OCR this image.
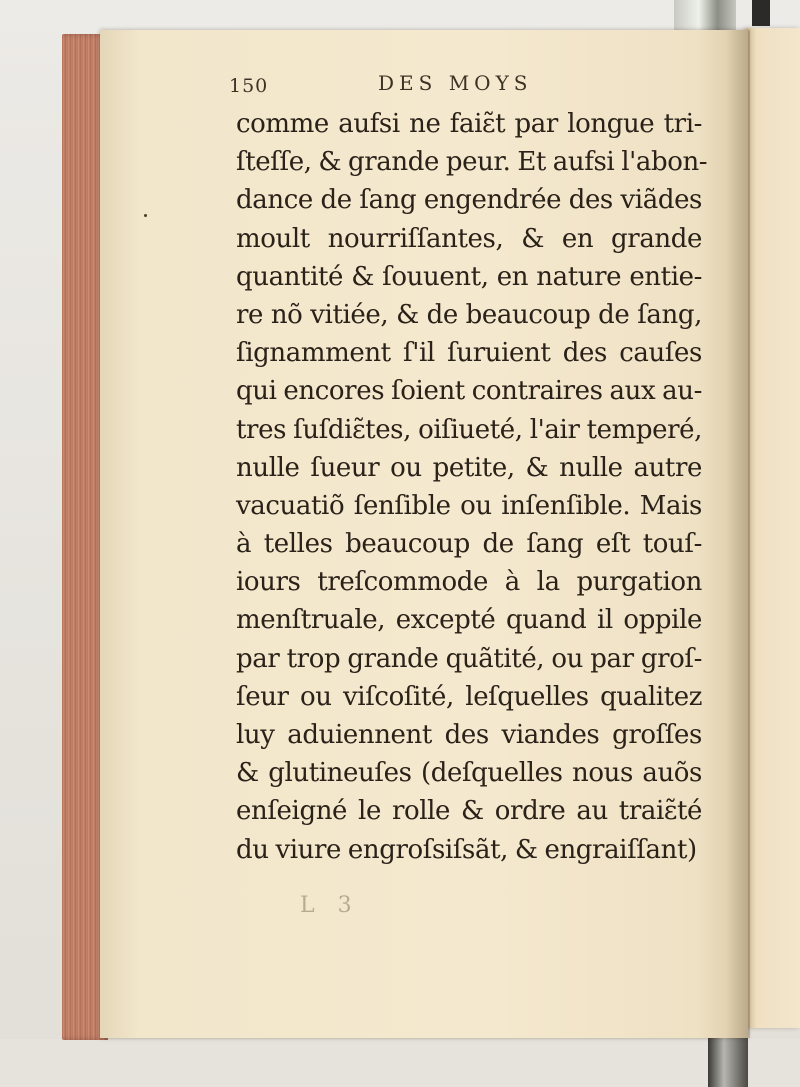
150	DES MOYS
comme aufsi ne faiɛ̃t par longue tri-
ſteſſe, & grande peur. Et aufsi l'abon-
dance de ſang engendrée des viãdes
moult nourriſſantes, & en grande
quantité & ſouuent, en nature entie-
re nõ vitiée, & de beaucoup de ſang,
ſignamment ſ'il ſuruient des cauſes
qui encores ſoient contraires aux au-
tres ſuſdiɛ̃tes, oiſiueté, l'air temperé,
nulle ſueur ou petite, & nulle autre
vacuatiõ ſenſible ou inſenſible. Mais
à telles beaucoup de ſang eſt touſ-
iours treſcommode à la purgation
menſtruale, excepté quand il oppile
par trop grande quãtité, ou par groſ-
ſeur ou viſcoſité, leſquelles qualitez
luy aduiennent des viandes groſſes
& glutineuſes (deſquelles nous auõs
enſeigné le rolle & ordre au traiɛ̃té
du viure engroſsiſsãt, & engraiſſant)
L 3
